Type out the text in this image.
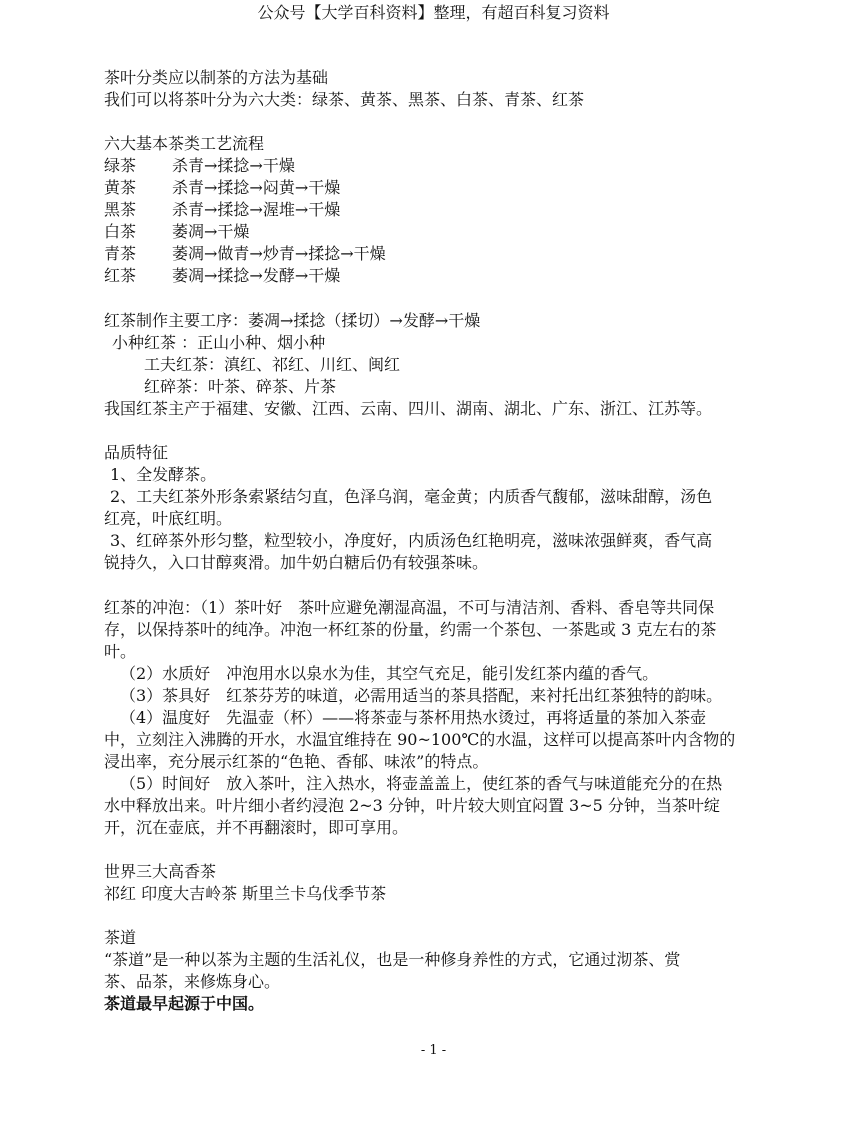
公众号【大学百科资料】整理，有超百科复习资料
茶叶分类应以制茶的方法为基础
我们可以将茶叶分为六大类：绿茶、黄茶、黑茶、白茶、青茶、红茶
六大基本茶类工艺流程
绿茶 杀青→揉捻→干燥
黄茶 杀青→揉捻→闷黄→干燥
黑茶 杀青→揉捻→渥堆→干燥
白茶 萎凋→干燥
青茶 萎凋→做青→炒青→揉捻→干燥
红茶 萎凋→揉捻→发酵→干燥
红茶制作主要工序：萎凋→揉捻（揉切）→发酵→干燥
小种红茶 ：正山小种、烟小种
工夫红茶：滇红、祁红、川红、闽红
红碎茶：叶茶、碎茶、片茶
我国红茶主产于福建、安徽、江西、云南、四川、湖南、湖北、广东、浙江、江苏等。
品质特征
1、全发酵茶。
2、工夫红茶外形条索紧结匀直，色泽乌润，毫金黄；内质香气馥郁，滋味甜醇，汤色
红亮，叶底红明。
3、红碎茶外形匀整，粒型较小，净度好，内质汤色红艳明亮，滋味浓强鲜爽，香气高
锐持久，入口甘醇爽滑。加牛奶白糖后仍有较强茶味。
红茶的冲泡：（1）茶叶好　茶叶应避免潮湿高温，不可与清洁剂、香料、香皂等共同保
存，以保持茶叶的纯净。冲泡一杯红茶的份量，约需一个茶包、一茶匙或 3 克左右的茶
叶。
（2）水质好　冲泡用水以泉水为佳，其空气充足，能引发红茶内蕴的香气。
（3）茶具好　红茶芬芳的味道，必需用适当的茶具搭配，来衬托出红茶独特的韵味。
（4）温度好　先温壶（杯）——将茶壶与茶杯用热水烫过，再将适量的茶加入茶壶
中，立刻注入沸腾的开水，水温宜维持在 90~100℃的水温，这样可以提高茶叶内含物的
浸出率，充分展示红茶的“色艳、香郁、味浓”的特点。
（5）时间好　放入茶叶，注入热水，将壶盖盖上，使红茶的香气与味道能充分的在热
水中释放出来。叶片细小者约浸泡 2~3 分钟，叶片较大则宜闷置 3~5 分钟，当茶叶绽
开，沉在壶底，并不再翻滚时，即可享用。
世界三大高香茶
祁红 印度大吉岭茶 斯里兰卡乌伐季节茶
茶道
“茶道”是一种以茶为主题的生活礼仪，也是一种修身养性的方式，它通过沏茶、赏
茶、品茶，来修炼身心。
茶道最早起源于中国。
- 1 -
